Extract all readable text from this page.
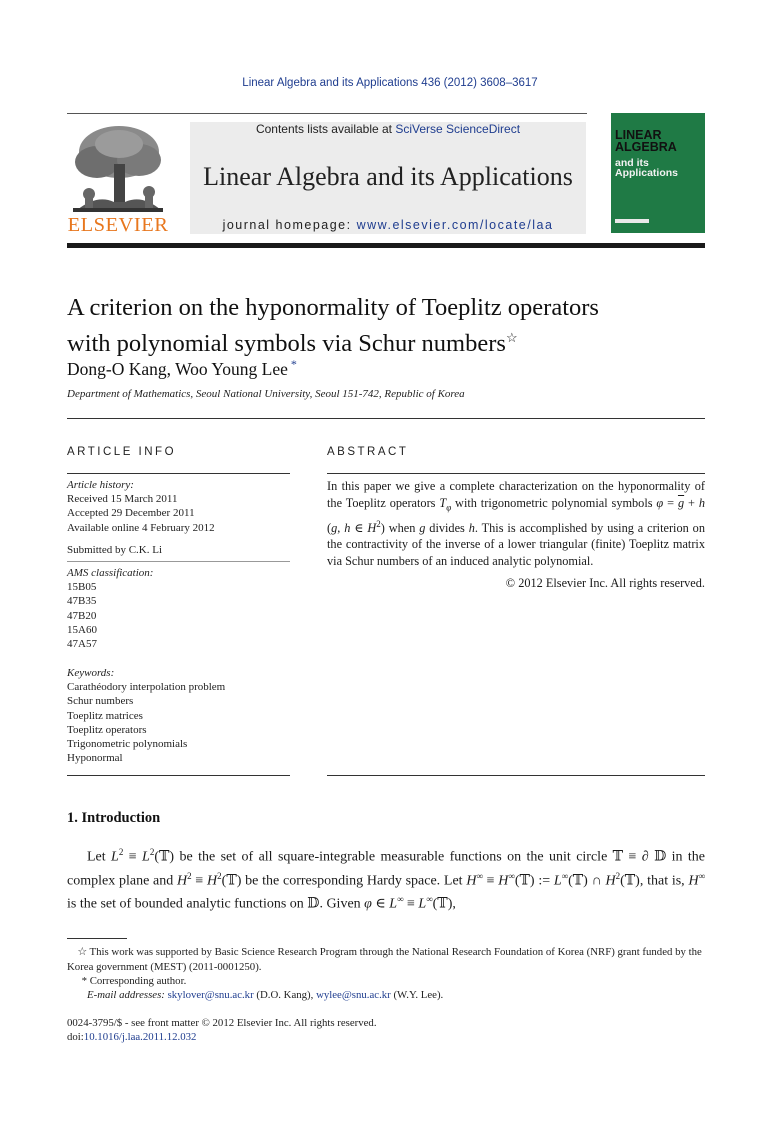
Linear Algebra and its Applications 436 (2012) 3608–3617
ELSEVIER
Contents lists available at SciVerse ScienceDirect
Linear Algebra and its Applications
journal homepage: www.elsevier.com/locate/laa
LINEAR
ALGEBRA
and its
Applications
A criterion on the hyponormality of Toeplitz operators
with polynomial symbols via Schur numbers☆
Dong-O Kang, Woo Young Lee *
Department of Mathematics, Seoul National University, Seoul 151-742, Republic of Korea
ARTICLE INFO
Article history:
Received 15 March 2011
Accepted 29 December 2011
Available online 4 February 2012
Submitted by C.K. Li
AMS classification:
15B05
47B35
47B20
15A60
47A57
Keywords:
Carathéodory interpolation problem
Schur numbers
Toeplitz matrices
Toeplitz operators
Trigonometric polynomials
Hyponormal
ABSTRACT
In this paper we give a complete characterization on the hyponormality of the Toeplitz operators $T_\varphi$ with trigonometric polynomial symbols $\varphi = \overline{g} + h$ (g, h ∈ $H^2$) when g divides h. This is accomplished by using a criterion on the contractivity of the inverse of a lower triangular (finite) Toeplitz matrix via Schur numbers of an induced analytic polynomial.
© 2012 Elsevier Inc. All rights reserved.
1. Introduction

Let $L^2$ ≡ $L^2(𝕋)$ be the set of all square-integrable measurable functions on the unit circle 𝕋 ≡ ∂ 𝔻 in the complex plane and $H^2$ ≡ $H^2(𝕋)$ be the corresponding Hardy space. Let H∞ ≡ H∞(𝕋) := L∞(𝕋) ∩ $H^2(𝕋)$, that is, H∞ is the set of bounded analytic functions on 𝔻. Given φ ∈ L∞ ≡ L∞(𝕋),

☆ This work was supported by Basic Science Research Program through the National Research Foundation of Korea (NRF) grant funded by the Korea government (MEST) (2011-0001250).
* Corresponding author.
E-mail addresses: skylover@snu.ac.kr (D.O. Kang), wylee@snu.ac.kr (W.Y. Lee).
0024-3795/$ - see front matter © 2012 Elsevier Inc. All rights reserved.
doi:10.1016/j.laa.2011.12.032
